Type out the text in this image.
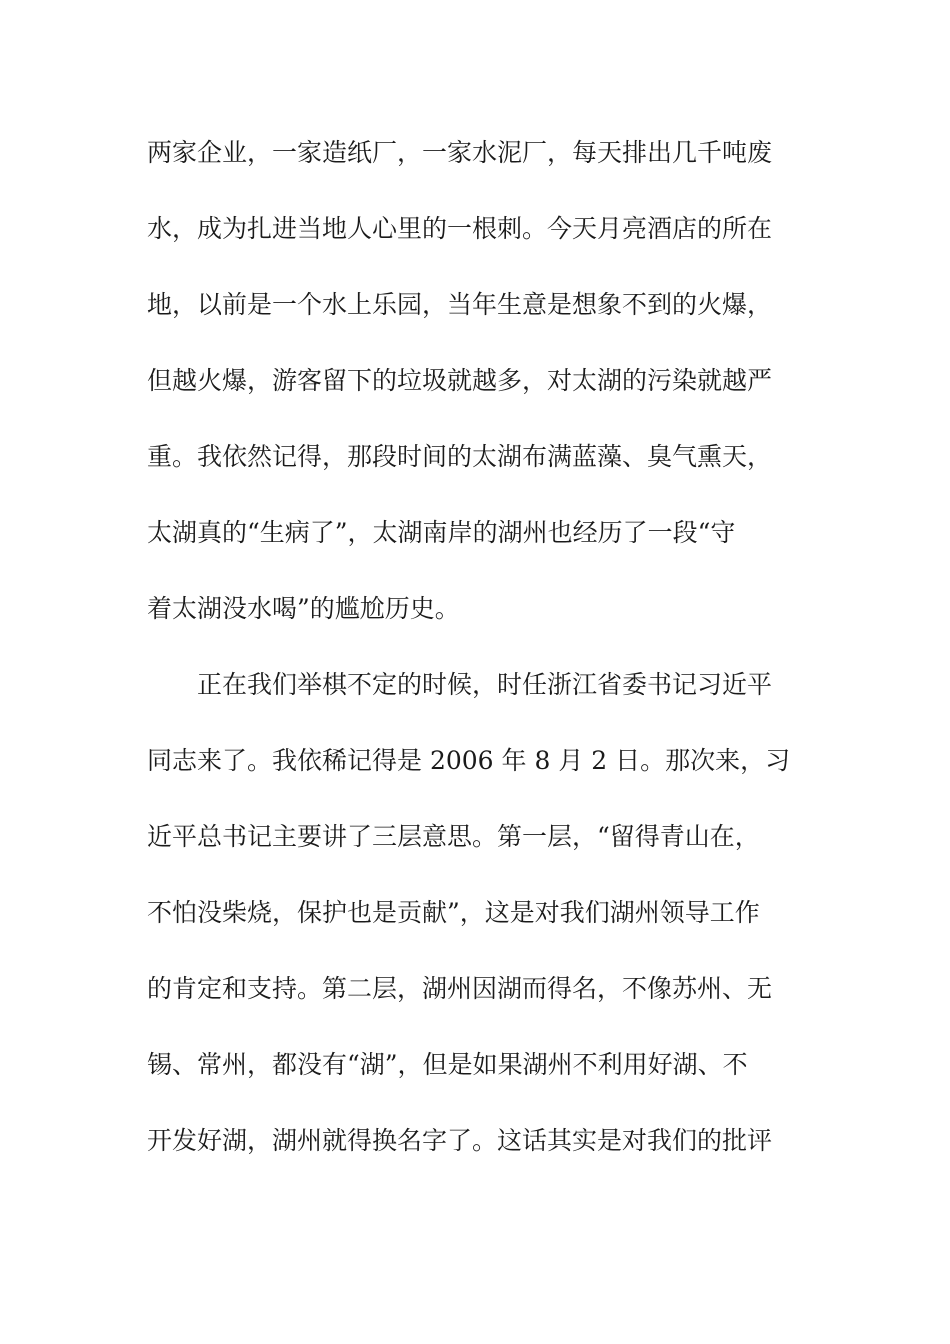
两家企业，一家造纸厂，一家水泥厂，每天排出几千吨废
水，成为扎进当地人心里的一根刺。今天月亮酒店的所在
地，以前是一个水上乐园，当年生意是想象不到的火爆，
但越火爆，游客留下的垃圾就越多，对太湖的污染就越严
重。我依然记得，那段时间的太湖布满蓝藻、臭气熏天，
太湖真的“生病了”，太湖南岸的湖州也经历了一段“守
着太湖没水喝”的尴尬历史。
正在我们举棋不定的时候，时任浙江省委书记习近平
同志来了。我依稀记得是 2006 年 8 月 2 日。那次来，习
近平总书记主要讲了三层意思。第一层，“留得青山在，
不怕没柴烧，保护也是贡献”，这是对我们湖州领导工作
的肯定和支持。第二层，湖州因湖而得名，不像苏州、无
锡、常州，都没有“湖”，但是如果湖州不利用好湖、不
开发好湖，湖州就得换名字了。这话其实是对我们的批评
